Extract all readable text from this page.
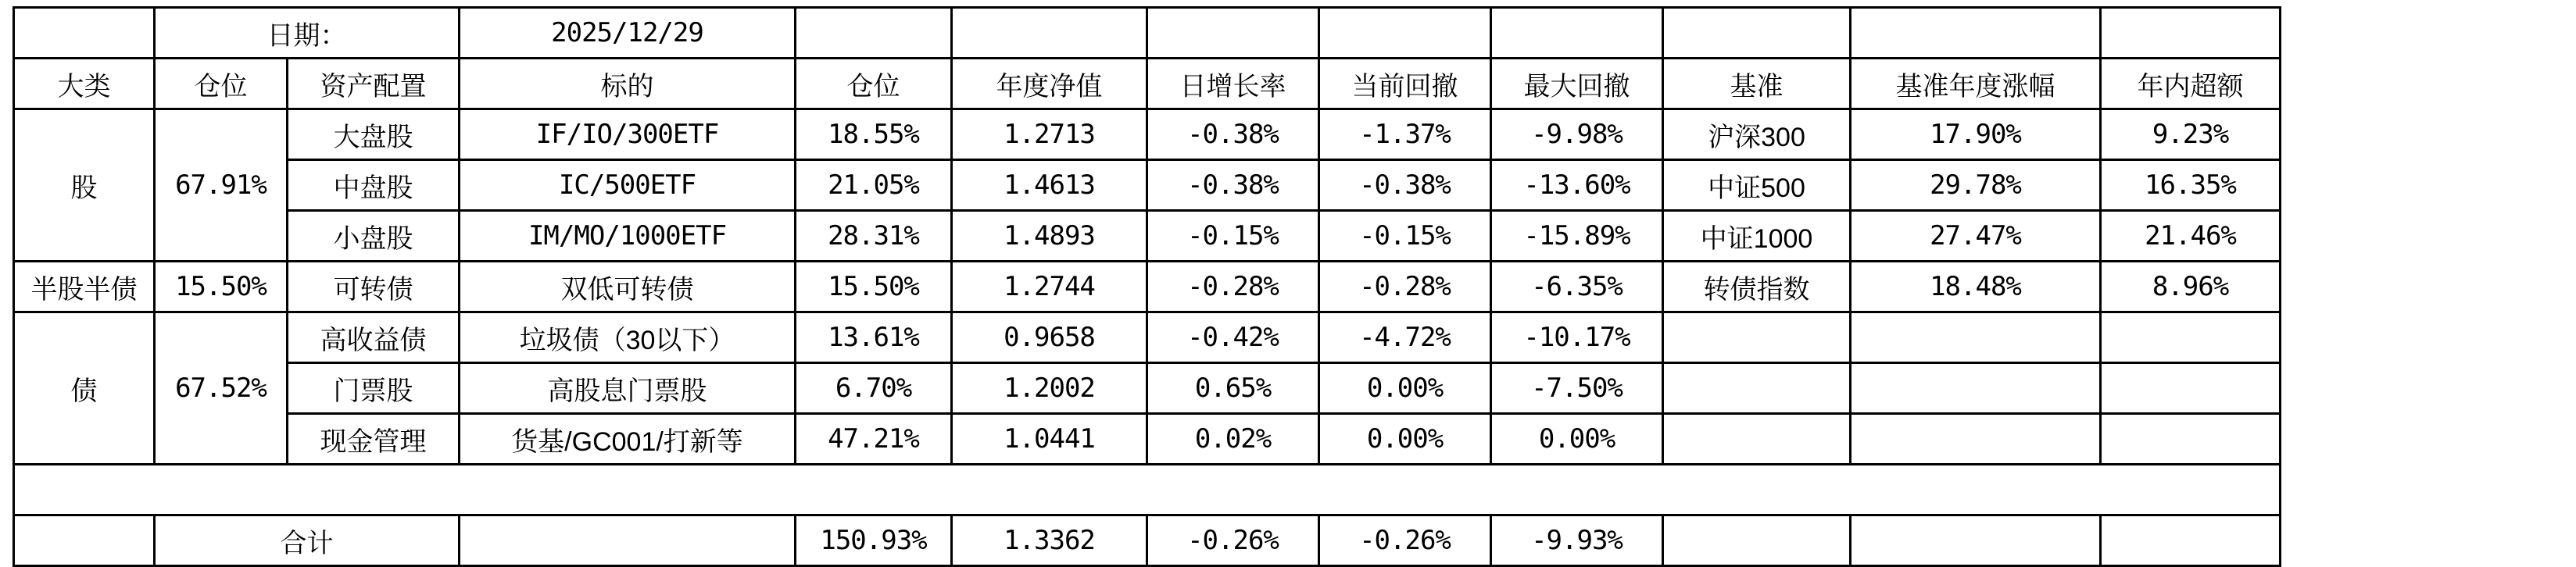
	日期：		2025/12/29								
大类	仓位	资产配置	标的	仓位	年度净值	日增长率	当前回撤	最大回撤	基准	基准年度涨幅	年内超额
股	67.91%	大盘股	IF/IO/300ETF	18.55%	1.2713	-0.38%	-1.37%	-9.98%	沪深300	17.90%	9.23%
		中盘股	IC/500ETF	21.05%	1.4613	-0.38%	-0.38%	-13.60%	中证500	29.78%	16.35%
		小盘股	IM/MO/1000ETF	28.31%	1.4893	-0.15%	-0.15%	-15.89%	中证1000	27.47%	21.46%
半股半债	15.50%	可转债	双低可转债	15.50%	1.2744	-0.28%	-0.28%	-6.35%	转债指数	18.48%	8.96%
债	67.52%	高收益债	垃圾债（30以下）	13.61%	0.9658	-0.42%	-4.72%	-10.17%			
		门票股	高股息门票股	6.70%	1.2002	0.65%	0.00%	-7.50%			
		现金管理	货基/GC001/打新等	47.21%	1.0441	0.02%	0.00%	0.00%			

	合计			150.93%	1.3362	-0.26%	-0.26%	-9.93%			
